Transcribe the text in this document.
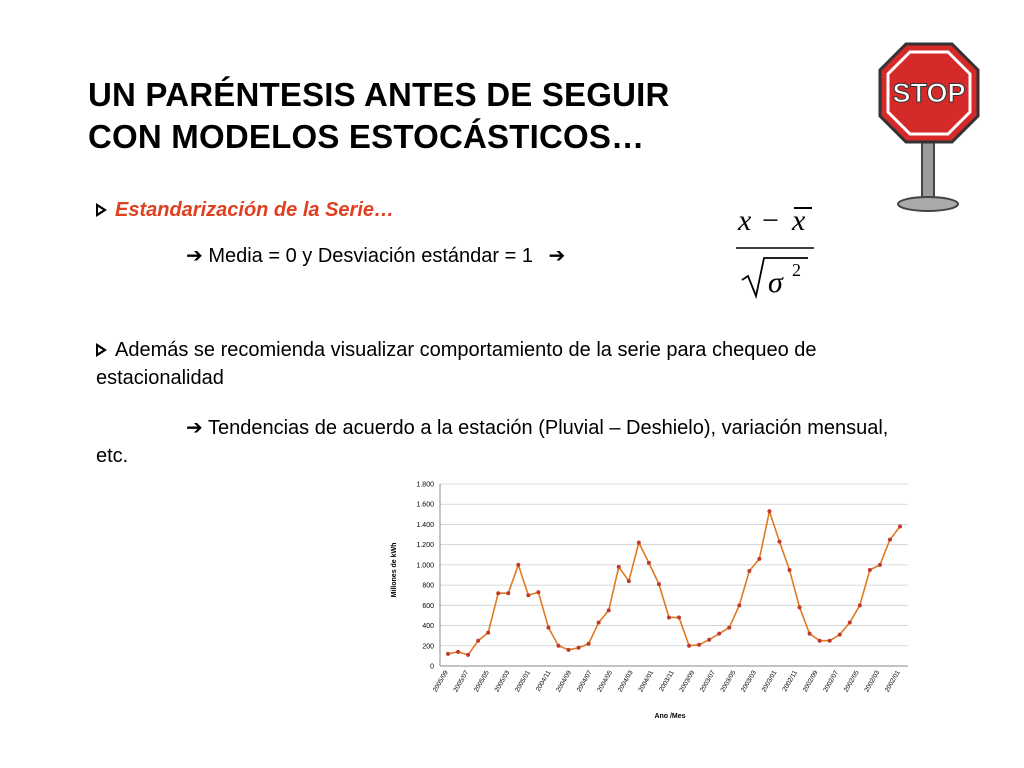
UN PARÉNTESIS ANTES DE SEGUIR
CON MODELOS ESTOCÁSTICOS…
STOP
Estandarización de la Serie…
➔ Media = 0 y Desviación estándar = 1 ➔
x − x
σ 2
Además se recomienda visualizar comportamiento de la serie para chequeo de estacionalidad
➔ Tendencias de acuerdo a la estación (Pluvial – Deshielo), variación mensual, etc.
0
200
400
600
800
1.000
1.200
1.400
1.600
1.800
2005/09 2005/07 2005/05 2005/03 2005/01 2004/11 2004/09 2004/07 2004/05 2004/03 2004/01 2003/11 2003/09 2003/07 2003/05 2003/03 2003/01 2002/11 2002/09 2002/07 2002/05 2002/03 2002/01
Millones de kWh
Ano /Mes
